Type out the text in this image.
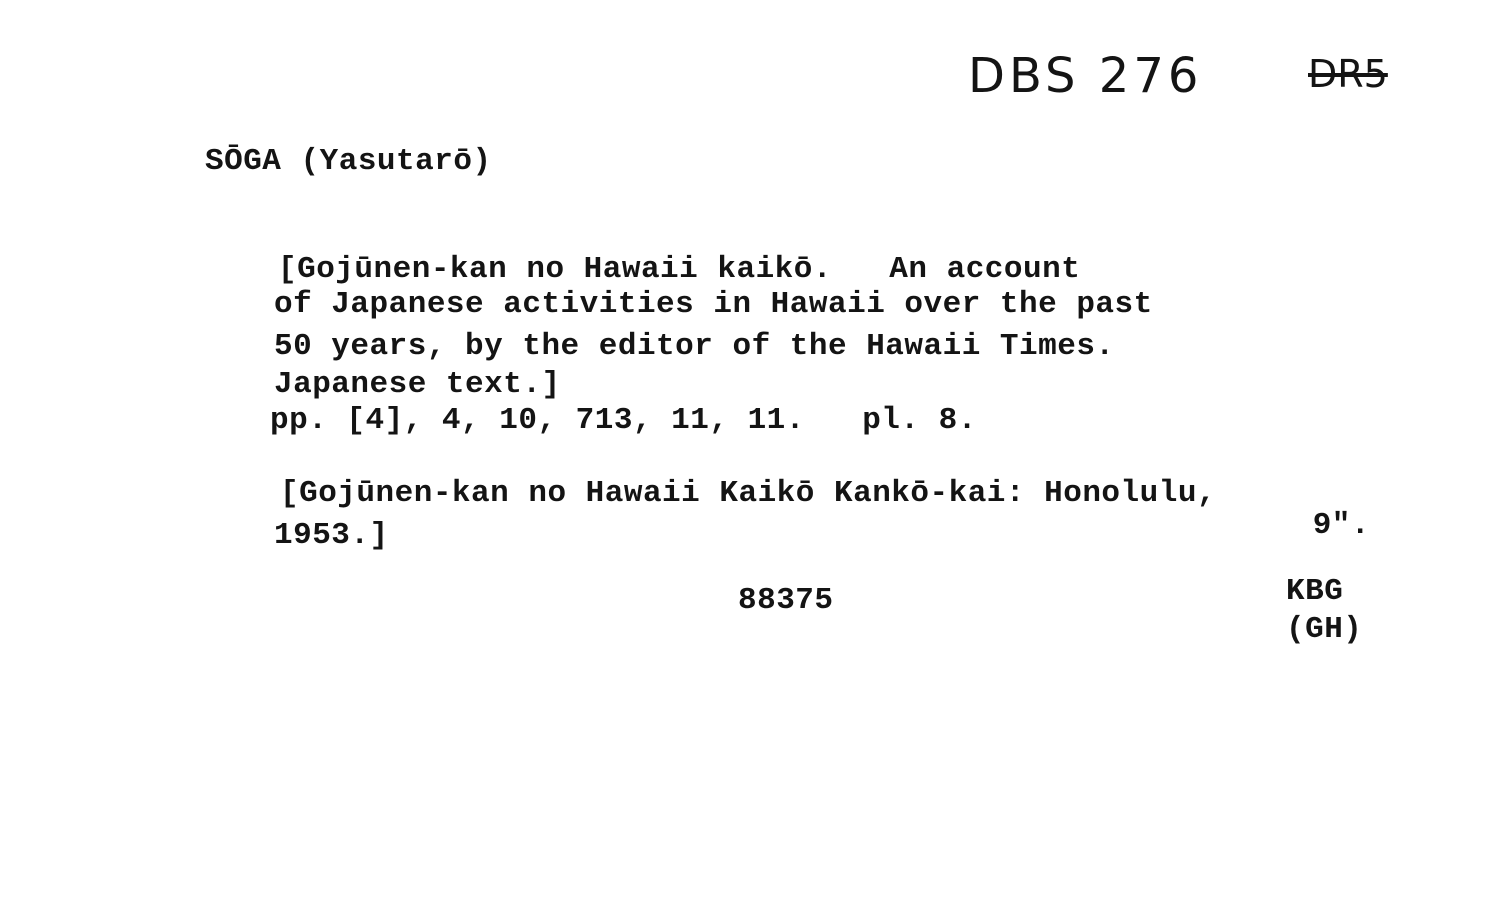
DBS 276	DR5
SŌGA (Yasutarō)
[Gojūnen-kan no Hawaii kaikō.   An account
of Japanese activities in Hawaii over the past
50 years, by the editor of the Hawaii Times.
Japanese text.]
pp. [4], 4, 10, 713, 11, 11.   pl. 8.
[Gojūnen-kan no Hawaii Kaikō Kankō-kai: Honolulu,
1953.]	9".
88375	KBG
(GH)
